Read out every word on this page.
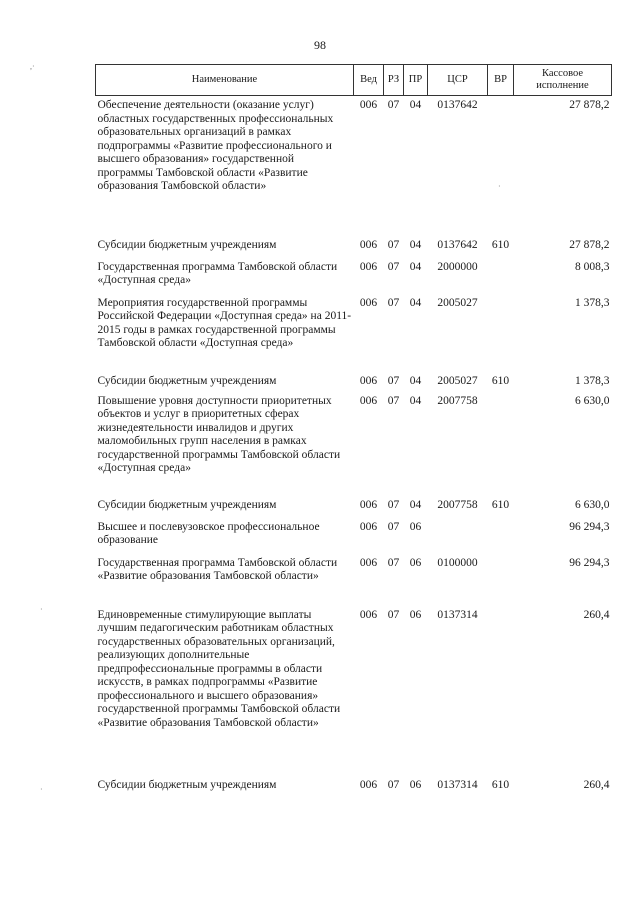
98
Наименование	Вед	РЗ	ПР	ЦСР	ВР	Кассовое исполнение
Обеспечение деятельности (оказание услуг) областных государственных профессиональных образовательных организаций в рамках подпрограммы «Развитие профессионального и высшего образования» государственной программы Тамбовской области «Развитие образования Тамбовской области»	006	07	04	0137642		27 878,2
Субсидии бюджетным учреждениям	006	07	04	0137642	610	27 878,2
Государственная программа Тамбовской области «Доступная среда»	006	07	04	2000000		8 008,3
Мероприятия государственной программы Российской Федерации «Доступная среда» на 2011-2015 годы в рамках государственной программы Тамбовской области «Доступная среда»	006	07	04	2005027		1 378,3
Субсидии бюджетным учреждениям	006	07	04	2005027	610	1 378,3
Повышение уровня доступности приоритетных объектов и услуг в приоритетных сферах жизнедеятельности инвалидов и других маломобильных групп населения в рамках государственной программы Тамбовской области «Доступная среда»	006	07	04	2007758		6 630,0
Субсидии бюджетным учреждениям	006	07	04	2007758	610	6 630,0
Высшее и послевузовское профессиональное образование	006	07	06			96 294,3
Государственная программа Тамбовской области «Развитие образования Тамбовской области»	006	07	06	0100000		96 294,3
Единовременные стимулирующие выплаты лучшим педагогическим работникам областных государственных образовательных организаций, реализующих дополнительные предпрофессиональные программы в области искусств, в рамках подпрограммы «Развитие профессионального и высшего образования» государственной программы Тамбовской области «Развитие образования Тамбовской области»	006	07	06	0137314		260,4
Субсидии бюджетным учреждениям	006	07	06	0137314	610	260,4
,·
·
·
·
